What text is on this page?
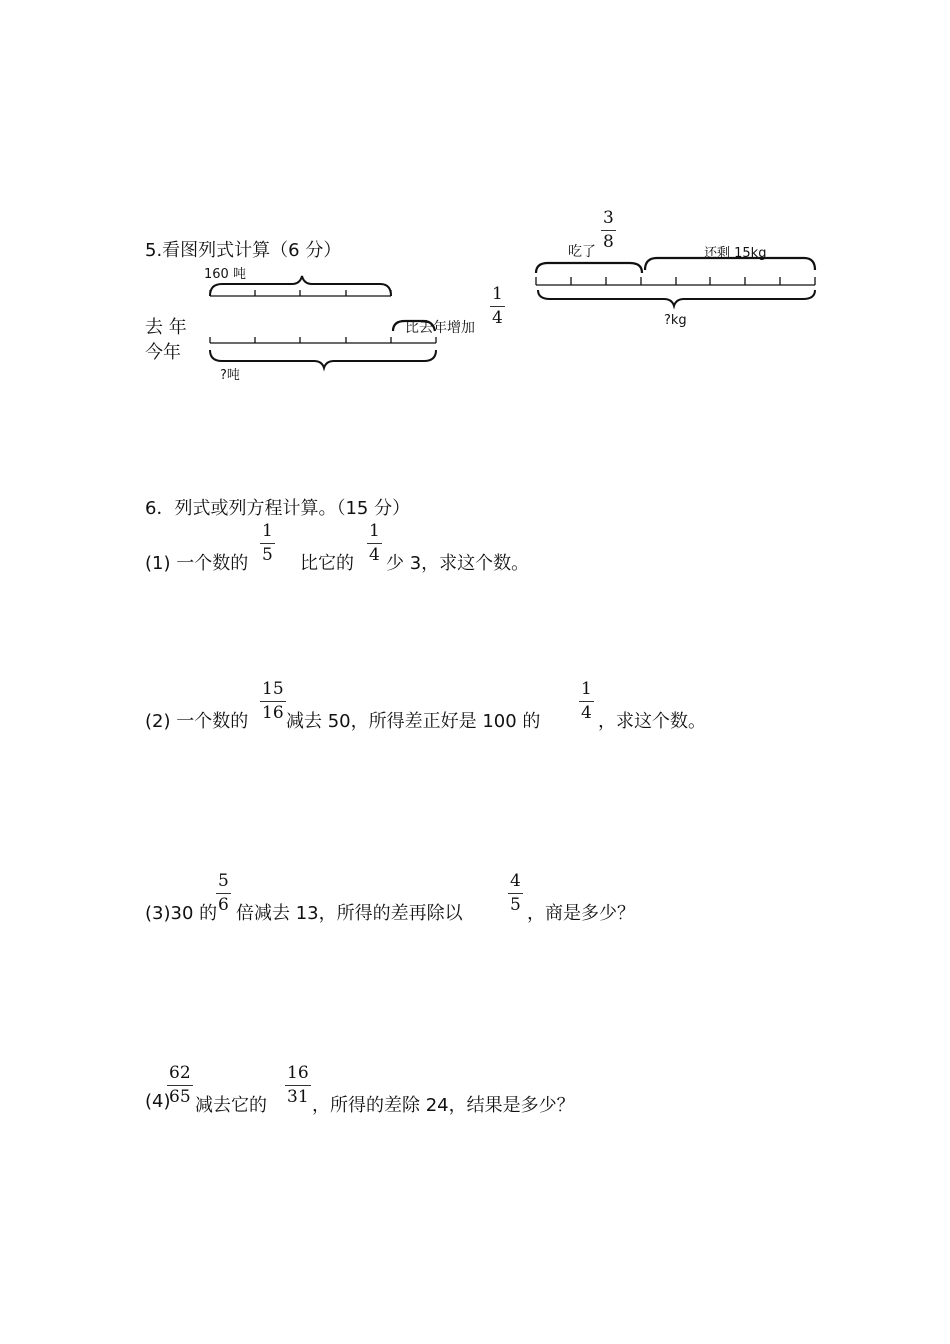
5.看图列式计算（6 分）
160 吨
去 年
今年
比去年增加
$\frac{1}{4}$
?吨
吃了
$\frac{3}{8}$
还剩 15kg
?kg
6．列式或列方程计算。（15 分）
(1) 一个数的 $\frac{1}{5}$ 比它的 $\frac{1}{4}$ 少 3，求这个数。
(2) 一个数的 $\frac{15}{16}$ 减去 50，所得差正好是 100 的 $\frac{1}{4}$ ，求这个数。
(3)30 的
$\frac{5}{6}$ 倍减去 13，所得的差再除以	$\frac{4}{5}$ ，商是多少？
(4)
$\frac{62}{65}$ 减去它的 $\frac{16}{31}$ ，所得的差除 24，结果是多少？
